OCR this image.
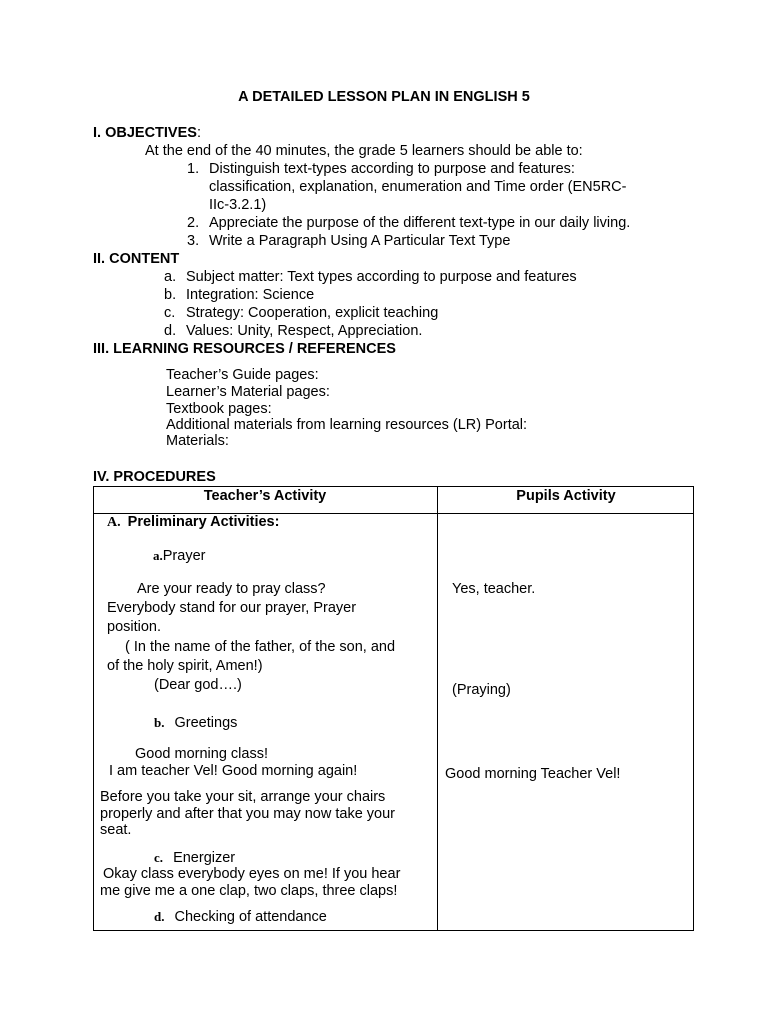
A DETAILED LESSON PLAN IN ENGLISH 5
I. OBJECTIVES:
At the end of the 40 minutes, the grade 5 learners should be able to:
1. Distinguish text-types according to purpose and features:
classification, explanation, enumeration and Time order (EN5RC-
IIc-3.2.1)
2. Appreciate the purpose of the different text-type in our daily living.
3. Write a Paragraph Using A Particular Text Type
II. CONTENT
a. Subject matter: Text types according to purpose and features
b. Integration: Science
c. Strategy: Cooperation, explicit teaching
d. Values: Unity, Respect, Appreciation.
III. LEARNING RESOURCES / REFERENCES
Teacher’s Guide pages:
Learner’s Material pages:
Textbook pages:
Additional materials from learning resources (LR) Portal:
Materials:
IV. PROCEDURES
Teacher’s Activity	Pupils Activity
A. Preliminary Activities:
a.Prayer
Are your ready to pray class?
Everybody stand for our prayer, Prayer
position.
( In the name of the father, of the son, and
of the holy spirit, Amen!)
(Dear god….)
b. Greetings
Good morning class!
I am teacher Vel! Good morning again!
Before you take your sit, arrange your chairs
properly and after that you may now take your
seat.
c. Energizer
Okay class everybody eyes on me! If you hear
me give me a one clap, two claps, three claps!
d. Checking of attendance
Yes, teacher.
(Praying)
Good morning Teacher Vel!
